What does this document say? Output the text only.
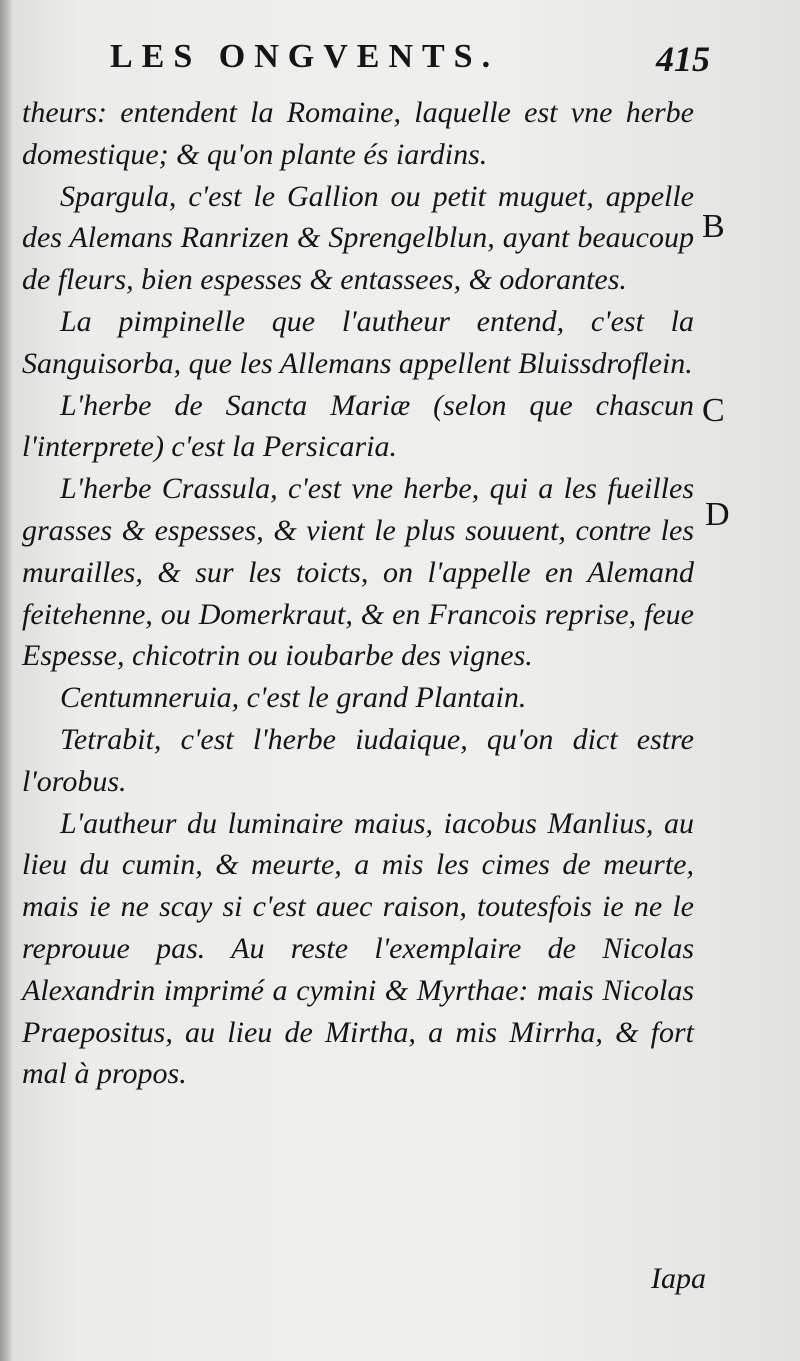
LES ONGVENTS.	415

theurs: entendent la Romaine, laquelle est vne herbe domestique; & qu'on plante és iardins.

Spargula, c'est le Gallion ou petit muguet, appelle des Alemans Ranrizen & Sprengelblun, ayant beaucoup de fleurs, bien espesses & entassees, & odorantes.

La pimpinelle que l'autheur entend, c'est la Sanguisorba, que les Allemans appellent Bluissdroflein.

L'herbe de Sancta Mariæ (selon que chascun l'interprete) c'est la Persicaria.

L'herbe Crassula, c'est vne herbe, qui a les fueilles grasses & espesses, & vient le plus souuent, contre les murailles, & sur les toicts, on l'appelle en Alemand feitehenne, ou Domerkraut, & en Francois reprise, feue Espesse, chicotrin ou ioubarbe des vignes.

Centumneruia, c'est le grand Plantain.

Tetrabit, c'est l'herbe iudaique, qu'on dict estre l'orobus.

L'autheur du luminaire maius, iacobus Manlius, au lieu du cumin, & meurte, a mis les cimes de meurte, mais ie ne scay si c'est auec raison, toutesfois ie ne le reprouue pas. Au reste l'exemplaire de Nicolas Alexandrin imprimé a cymini & Myrthae: mais Nicolas Praepositus, au lieu de Mirtha, a mis Mirrha, & fort mal à propos.

B
C
D
Iapa
